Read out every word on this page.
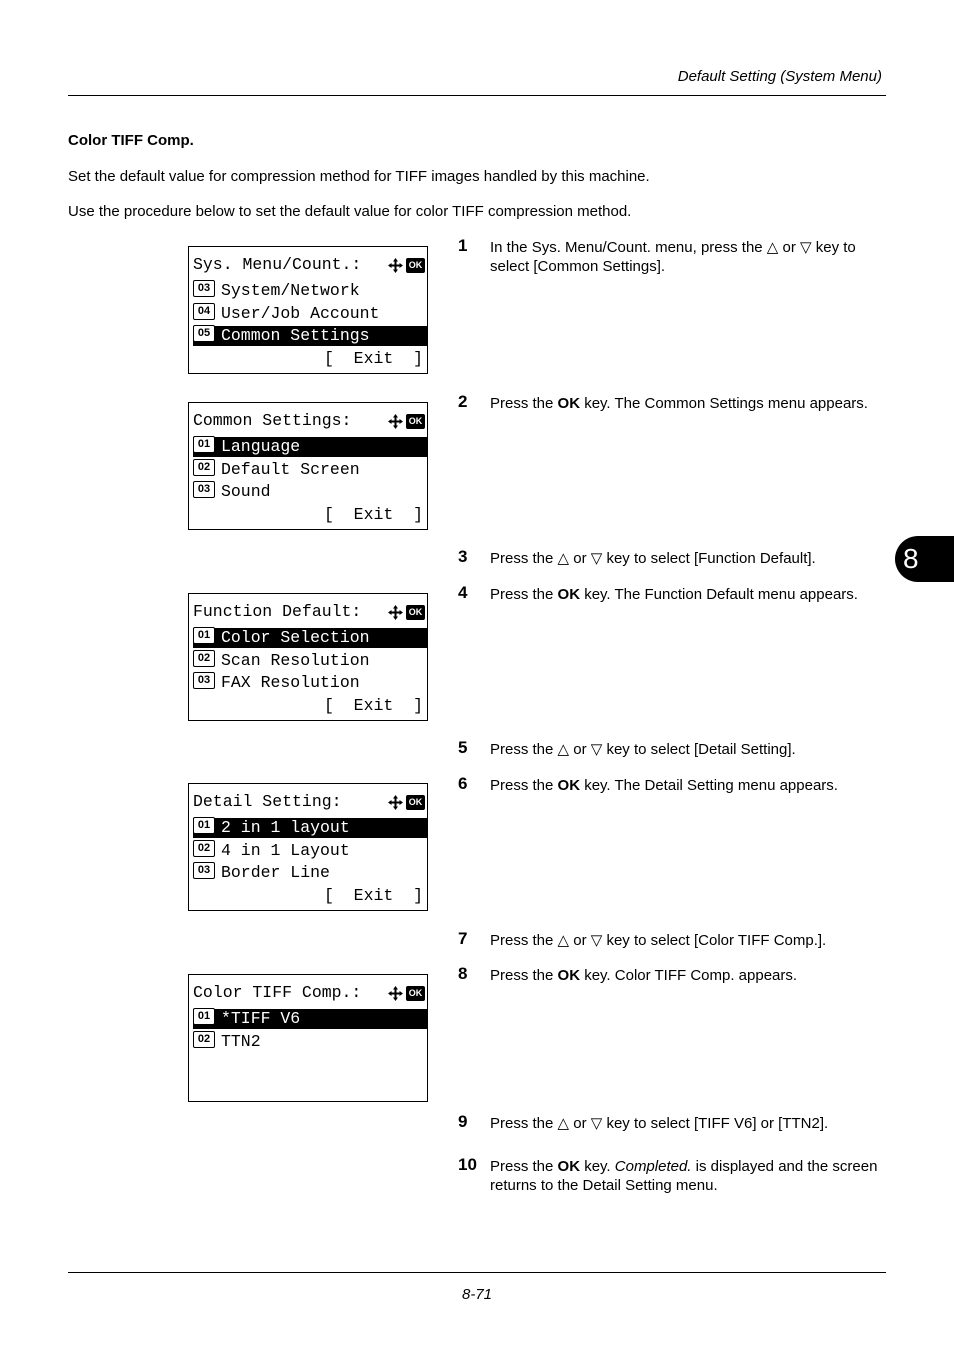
Default Setting (System Menu)
Color TIFF Comp.
Set the default value for compression method for TIFF images handled by this machine.
Use the procedure below to set the default value for color TIFF compression method.
8
Sys. Menu/Count.:	OK
03 System/Network
04 User/Job Account
05 Common Settings
[  Exit  ]
Common Settings:	OK
01 Language
02 Default Screen
03 Sound
[  Exit  ]
Function Default:	OK
01 Color Selection
02 Scan Resolution
03 FAX Resolution
[  Exit  ]
Detail Setting:	OK
01 2 in 1 layout
02 4 in 1 Layout
03 Border Line
[  Exit  ]
Color TIFF Comp.:	OK
01 *TIFF V6
02 TTN2
1 In the Sys. Menu/Count. menu, press the △ or ▽ key to select [Common Settings].
2 Press the OK key. The Common Settings menu appears.
3 Press the △ or ▽ key to select [Function Default].
4 Press the OK key. The Function Default menu appears.
5 Press the △ or ▽ key to select [Detail Setting].
6 Press the OK key. The Detail Setting menu appears.
7 Press the △ or ▽ key to select [Color TIFF Comp.].
8 Press the OK key. Color TIFF Comp. appears.
9 Press the △ or ▽ key to select [TIFF V6] or [TTN2].
10 Press the OK key. Completed. is displayed and the screen returns to the Detail Setting menu.
8-71
